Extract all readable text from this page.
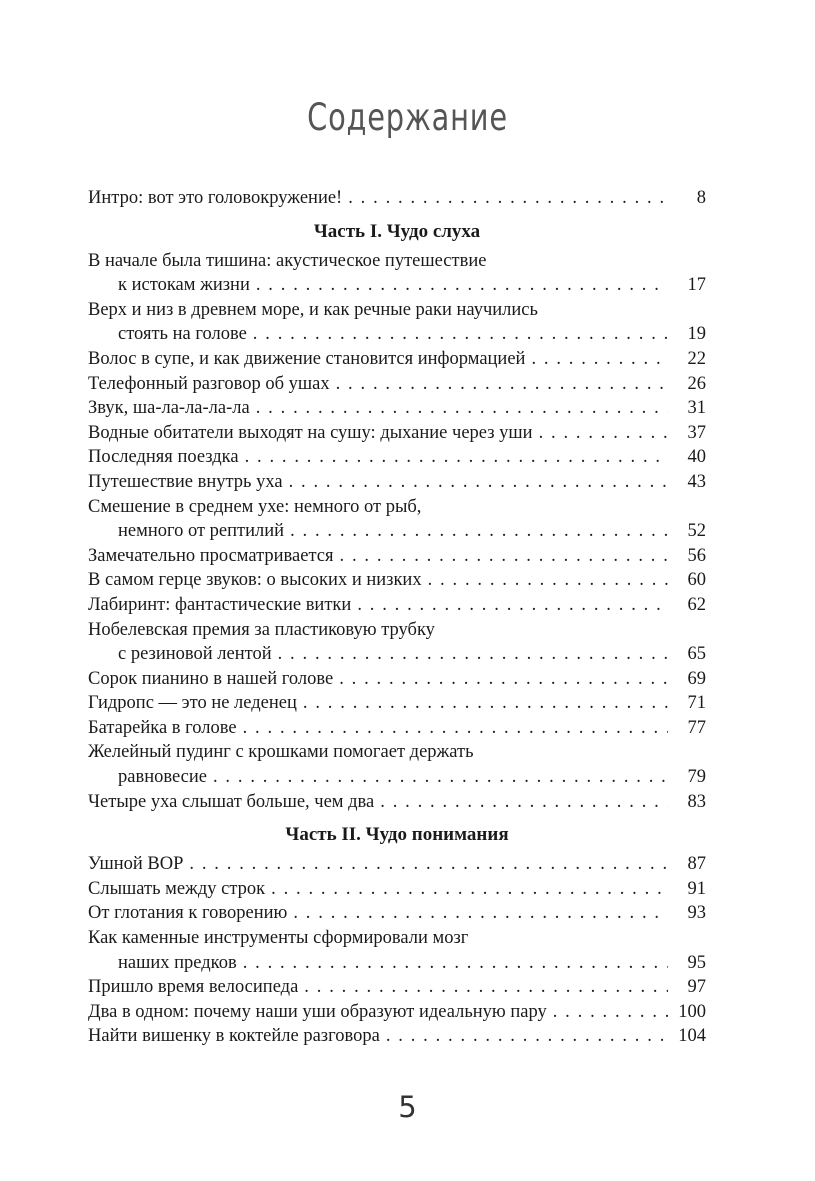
Содержание
Интро: вот это головокружение! . . .	8
Часть I. Чудо слуха
В начале была тишина: акустическое путешествие
к истокам жизни . . .	17
Верх и низ в древнем море, и как речные раки научились
стоять на голове . . .	19
Волос в супе, и как движение становится информацией . . .	22
Телефонный разговор об ушах . . .	26
Звук, ша-ла-ла-ла-ла . . .	31
Водные обитатели выходят на сушу: дыхание через уши . . .	37
Последняя поездка . . .	40
Путешествие внутрь уха . . .	43
Смешение в среднем ухе: немного от рыб,
немного от рептилий . . .	52
Замечательно просматривается . . .	56
В самом герце звуков: о высоких и низких . . .	60
Лабиринт: фантастические витки . . .	62
Нобелевская премия за пластиковую трубку
с резиновой лентой . . .	65
Сорок пианино в нашей голове . . .	69
Гидропс — это не леденец . . .	71
Батарейка в голове . . .	77
Желейный пудинг с крошками помогает держать
равновесие . . .	79
Четыре уха слышат больше, чем два . . .	83
Часть II. Чудо понимания
Ушной ВОР . . .	87
Слышать между строк . . .	91
От глотания к говорению . . .	93
Как каменные инструменты сформировали мозг
наших предков . . .	95
Пришло время велосипеда . . .	97
Два в одном: почему наши уши образуют идеальную пару . . .	100
Найти вишенку в коктейле разговора . . .	104
5
